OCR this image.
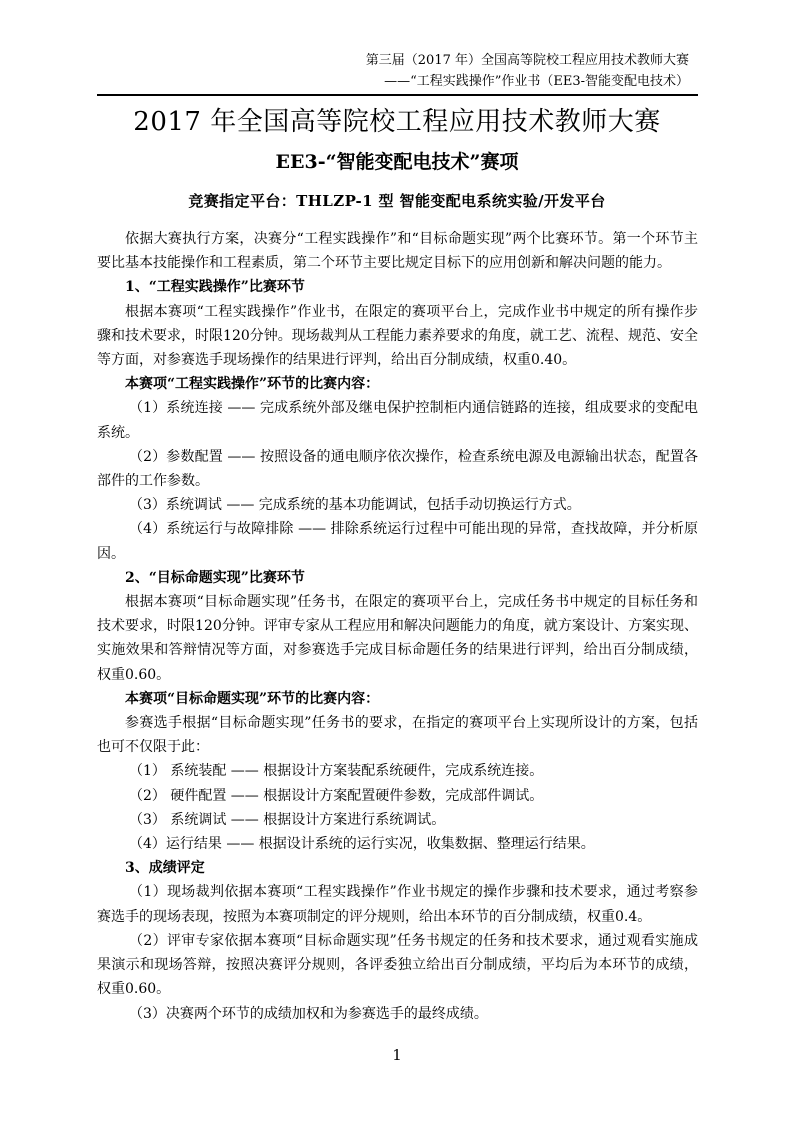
第三届（2017 年）全国高等院校工程应用技术教师大赛
——“工程实践操作”作业书（EE3-智能变配电技术）
2017 年全国高等院校工程应用技术教师大赛
EE3-“智能变配电技术”赛项
竞赛指定平台：THLZP-1 型 智能变配电系统实验/开发平台

依据大赛执行方案，决赛分“工程实践操作”和“目标命题实现”两个比赛环节。第一个环节主要比基本技能操作和工程素质，第二个环节主要比规定目标下的应用创新和解决问题的能力。

1、“工程实践操作”比赛环节

根据本赛项“工程实践操作”作业书，在限定的赛项平台上，完成作业书中规定的所有操作步骤和技术要求，时限120分钟。现场裁判从工程能力素养要求的角度，就工艺、流程、规范、安全等方面，对参赛选手现场操作的结果进行评判，给出百分制成绩，权重0.40。

本赛项“工程实践操作”环节的比赛内容：

（1）系统连接 —— 完成系统外部及继电保护控制柜内通信链路的连接，组成要求的变配电系统。

（2）参数配置 —— 按照设备的通电顺序依次操作，检查系统电源及电源输出状态，配置各部件的工作参数。

（3）系统调试 —— 完成系统的基本功能调试，包括手动切换运行方式。

（4）系统运行与故障排除 —— 排除系统运行过程中可能出现的异常，查找故障，并分析原因。

2、“目标命题实现”比赛环节

根据本赛项“目标命题实现”任务书，在限定的赛项平台上，完成任务书中规定的目标任务和技术要求，时限120分钟。评审专家从工程应用和解决问题能力的角度，就方案设计、方案实现、实施效果和答辩情况等方面，对参赛选手完成目标命题任务的结果进行评判，给出百分制成绩，权重0.60。

本赛项“目标命题实现”环节的比赛内容：

参赛选手根据“目标命题实现”任务书的要求，在指定的赛项平台上实现所设计的方案，包括也可不仅限于此：

（1） 系统装配 —— 根据设计方案装配系统硬件，完成系统连接。

（2） 硬件配置 —— 根据设计方案配置硬件参数，完成部件调试。

（3） 系统调试 —— 根据设计方案进行系统调试。

（4）运行结果 —— 根据设计系统的运行实况，收集数据、整理运行结果。

3、成绩评定

（1）现场裁判依据本赛项“工程实践操作”作业书规定的操作步骤和技术要求，通过考察参赛选手的现场表现，按照为本赛项制定的评分规则，给出本环节的百分制成绩，权重0.4。

（2）评审专家依据本赛项“目标命题实现”任务书规定的任务和技术要求，通过观看实施成果演示和现场答辩，按照决赛评分规则，各评委独立给出百分制成绩，平均后为本环节的成绩，权重0.60。

（3）决赛两个环节的成绩加权和为参赛选手的最终成绩。

1
